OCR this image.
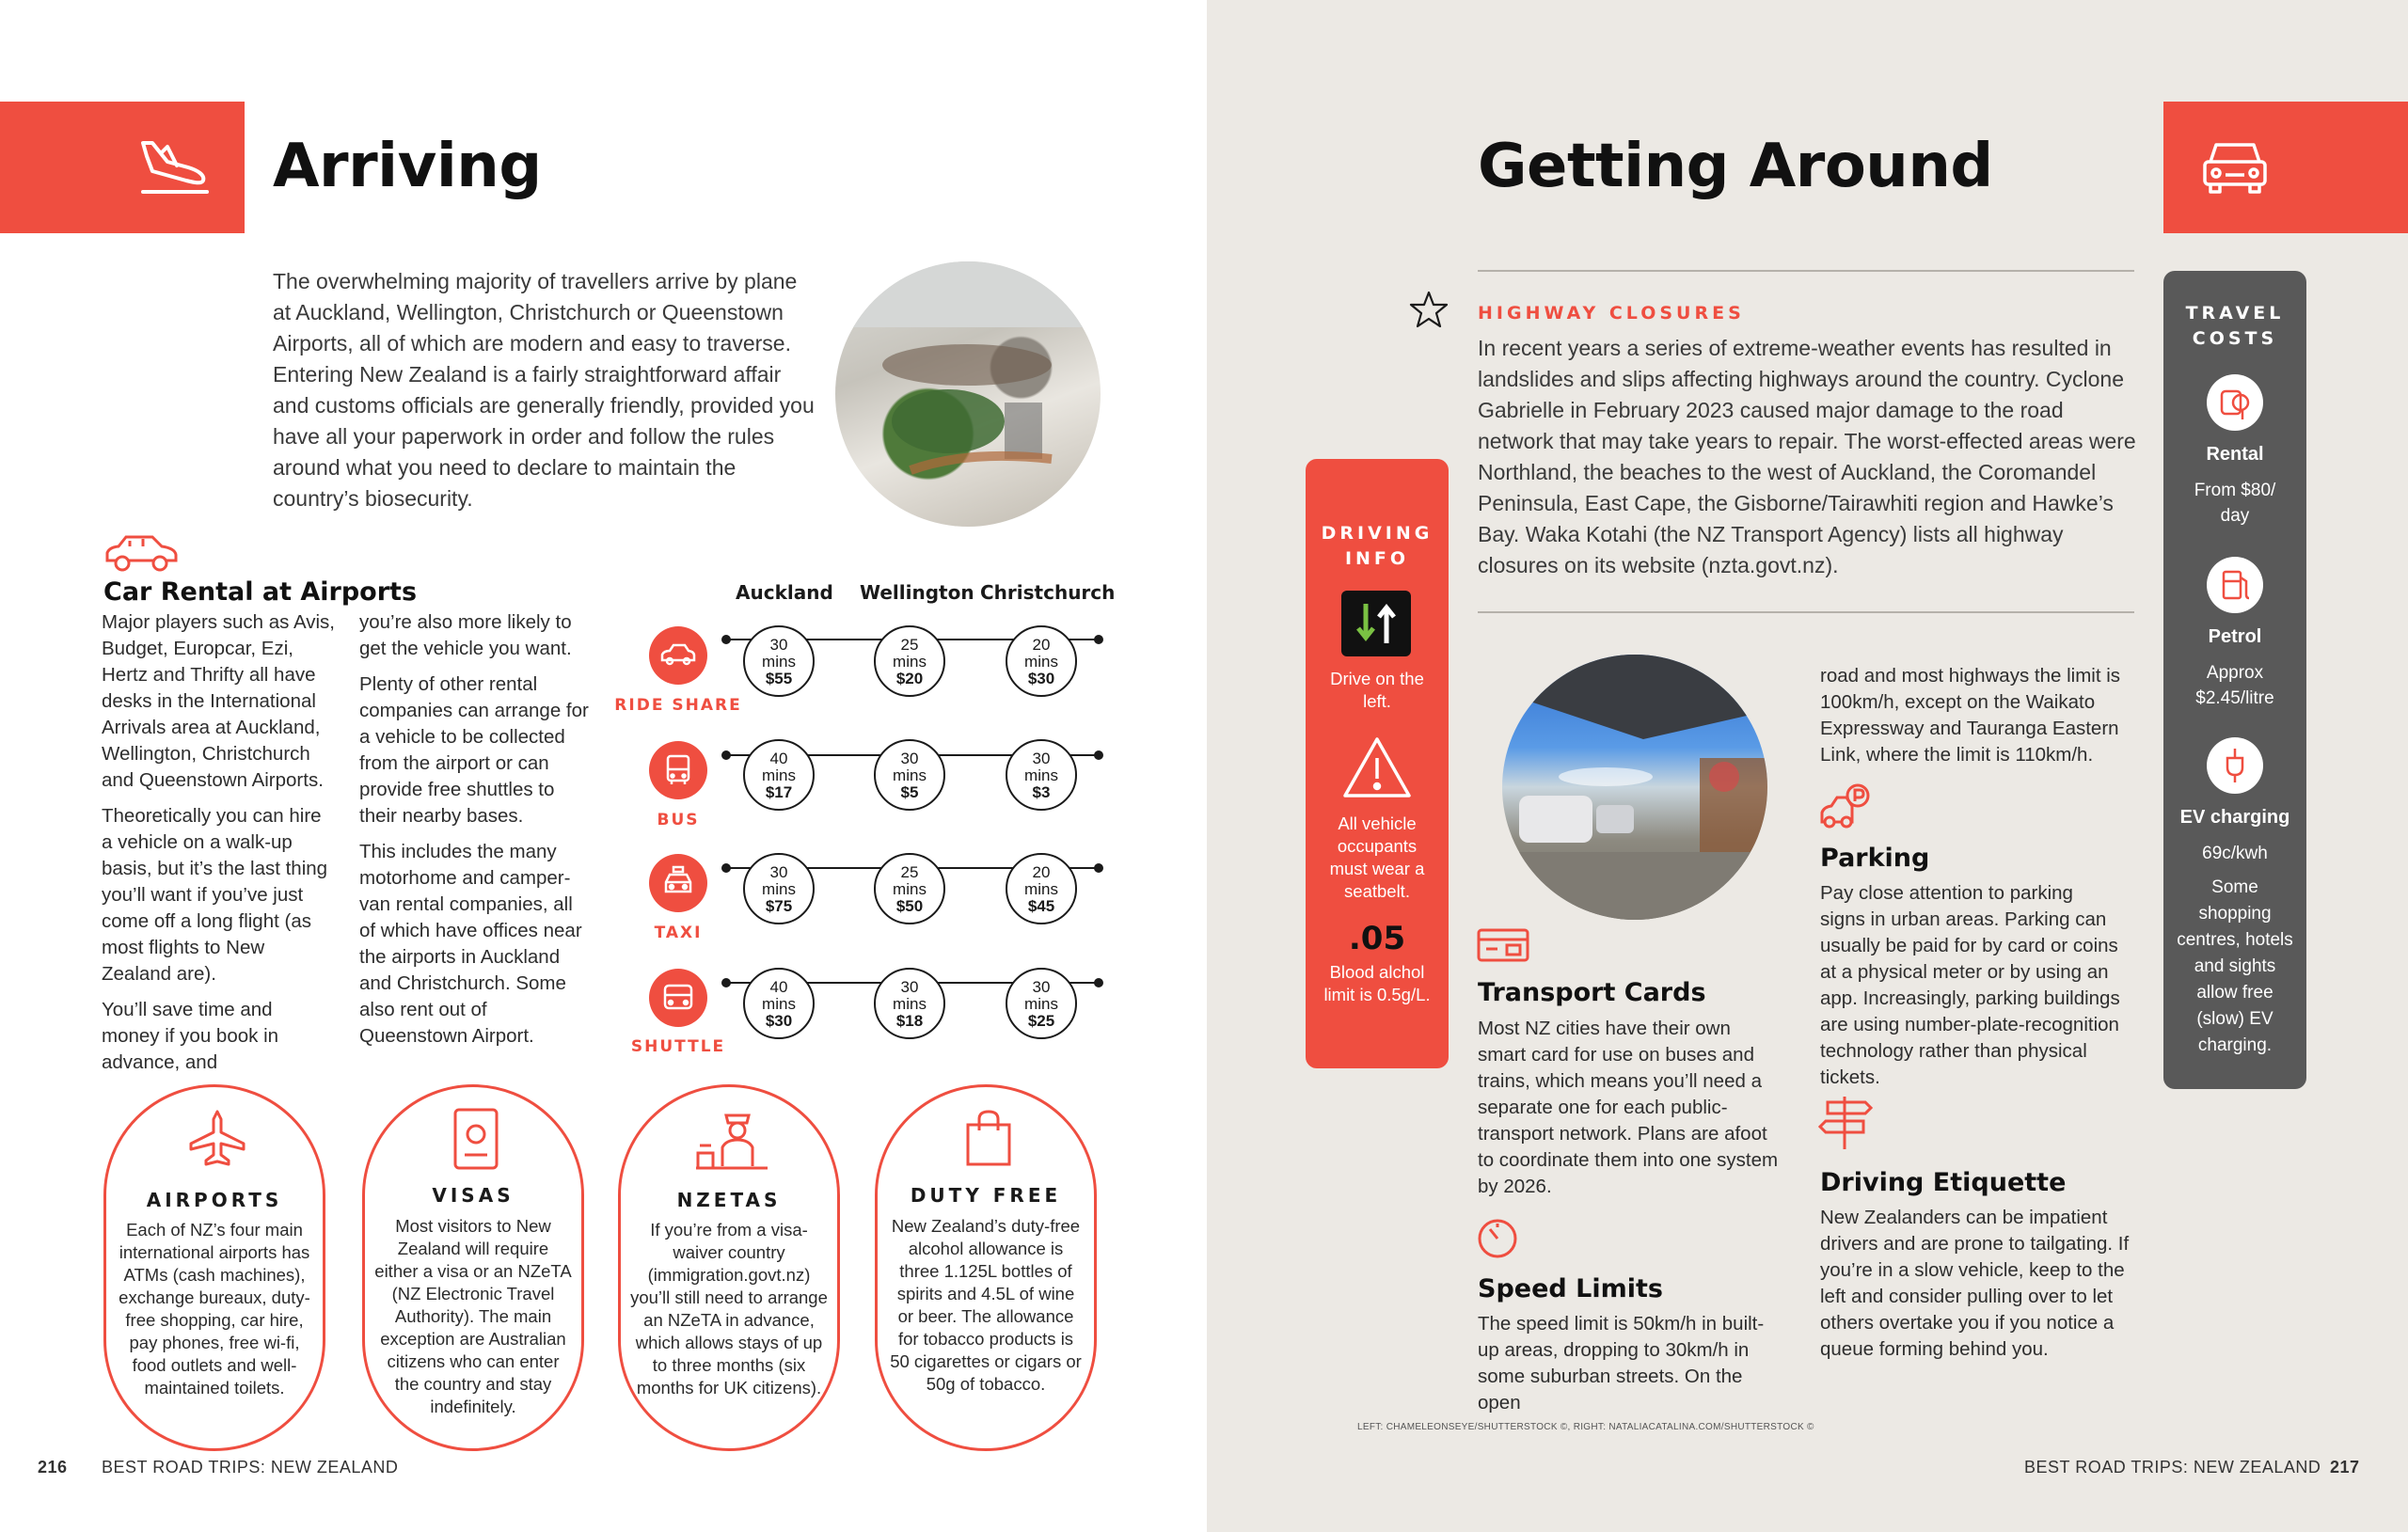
Arriving
The overwhelming majority of travellers arrive by plane at Auckland, Wellington, Christchurch or Queenstown Airports, all of which are modern and easy to traverse. Entering New Zealand is a fairly straightforward affair and customs officials are generally friendly, provided you have all your paperwork in order and follow the rules around what you need to declare to maintain the country’s biosecurity.
Car Rental at Airports

Major players such as Avis, Budget, Europcar, Ezi, Hertz and Thrifty all have desks in the International Arrivals area at Auckland, Wellington, Christchurch and Queenstown Airports.

Theoretically you can hire a vehicle on a walk-up basis, but it’s the last thing you’ll want if you’ve just come off a long flight (as most flights to New Zealand are).

You’ll save time and money if you book in advance, and

you’re also more likely to get the vehicle you want.

Plenty of other rental companies can arrange for a vehicle to be collected from the airport or can provide free shuttles to their nearby bases.

This includes the many motorhome and camper-van rental companies, all of which have offices near the airports in Auckland and Christchurch. Some also rent out of Queenstown Airport.

Auckland Wellington Christchurch
RIDE SHARE
BUS
TAXI
SHUTTLE
30
mins
$55
25
mins
$20
20
mins
$30
40
mins
$17
30
mins
$5
30
mins
$3
30
mins
$75
25
mins
$50
20
mins
$45
40
mins
$30
30
mins
$18
30
mins
$25
AIRPORTS
Each of NZ’s four main international airports has ATMs (cash machines), exchange bureaux, duty-free shopping, car hire, pay phones, free wi-fi, food outlets and well-maintained toilets.
VISAS
Most visitors to New Zealand will require either a visa or an NZeTA (NZ Electronic Travel Authority). The main exception are Australian citizens who can enter the country and stay indefinitely.
NZETAS
If you’re from a visa-waiver country (immigration.govt.nz) you’ll still need to arrange an NZeTA in advance, which allows stays of up to three months (six months for UK citizens).
DUTY FREE
New Zealand’s duty-free alcohol allowance is three 1.125L bottles of spirits and 4.5L of wine or beer. The allowance for tobacco products is 50 cigarettes or cigars or 50g of tobacco.
216 BEST ROAD TRIPS: NEW ZEALAND
Getting Around
HIGHWAY CLOSURES
In recent years a series of extreme-weather events has resulted in landslides and slips affecting highways around the country. Cyclone Gabrielle in February 2023 caused major damage to the road network that may take years to repair. The worst-effected areas were Northland, the beaches to the west of Auckland, the Coromandel Peninsula, East Cape, the Gisborne/Tairawhiti region and Hawke’s Bay. Waka Kotahi (the NZ Transport Agency) lists all highway closures on its website (nzta.govt.nz).
DRIVING INFO
Drive on the left.
All vehicle occupants must wear a seatbelt.
.05
Blood alchol limit is 0.5g/L.	Transport Cards
Most NZ cities have their own smart card for use on buses and trains, which means you’ll need a separate one for each public-transport network. Plans are afoot to coordinate them into one system by 2026.
Speed Limits
The speed limit is 50km/h in built-up areas, dropping to 30km/h in some suburban streets. On the open
road and most highways the limit is 100km/h, except on the Waikato Expressway and Tauranga Eastern Link, where the limit is 110km/h.
Parking
Pay close attention to parking signs in urban areas. Parking can usually be paid for by card or coins at a physical meter or by using an app. Increasingly, parking buildings are using number-plate-recognition technology rather than physical tickets.
Driving Etiquette
New Zealanders can be impatient drivers and are prone to tailgating. If you’re in a slow vehicle, keep to the left and consider pulling over to let others overtake you if you notice a queue forming behind you.
TRAVEL COSTS
Rental
From $80/ day
Petrol
Approx $2.45/litre
EV charging
69c/kwh
Some shopping centres, hotels and sights allow free (slow) EV charging.
LEFT: CHAMELEONSEYE/SHUTTERSTOCK ©, RIGHT: NATALIACATALINA.COM/SHUTTERSTOCK ©
BEST ROAD TRIPS: NEW ZEALAND 217
